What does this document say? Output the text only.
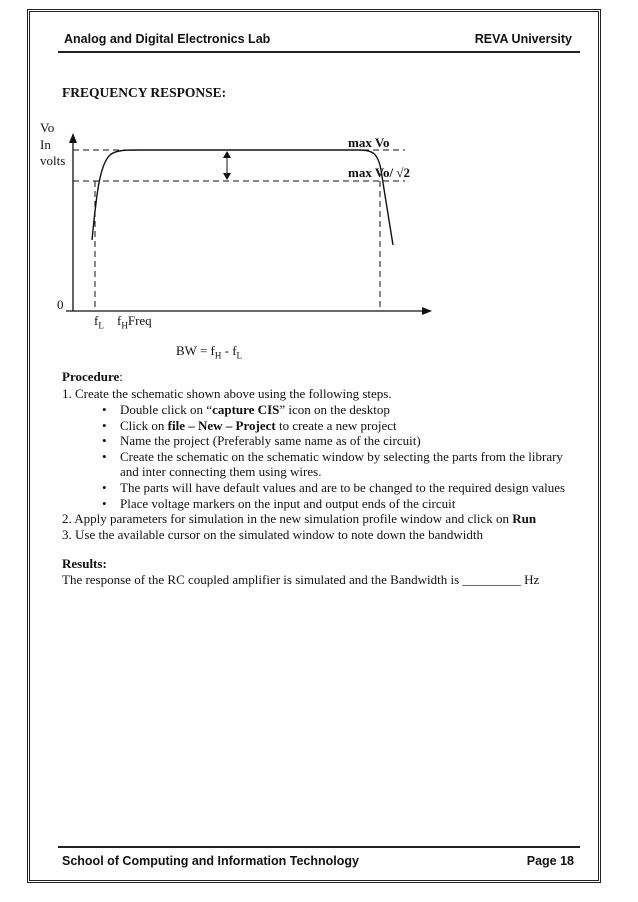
Analog and Digital Electronics Lab	REVA University
FREQUENCY RESPONSE:
Vo
In
volts
0
max Vo
max Vo/ √2
$f_L$ $f_HFreq$
BW = $f_H - f_L$
Procedure:
1. Create the schematic shown above using the following steps.
• Double click on “capture CIS” icon on the desktop
• Click on file – New – Project to create a new project
• Name the project (Preferably same name as of the circuit)
• Create the schematic on the schematic window by selecting the parts from the library
and inter connecting them using wires.
• The parts will have default values and are to be changed to the required design values
• Place voltage markers on the input and output ends of the circuit
2. Apply parameters for simulation in the new simulation profile window and click on Run
3. Use the available cursor on the simulated window to note down the bandwidth
Results:
The response of the RC coupled amplifier is simulated and the Bandwidth is _________ Hz
School of Computing and Information Technology	Page 18
